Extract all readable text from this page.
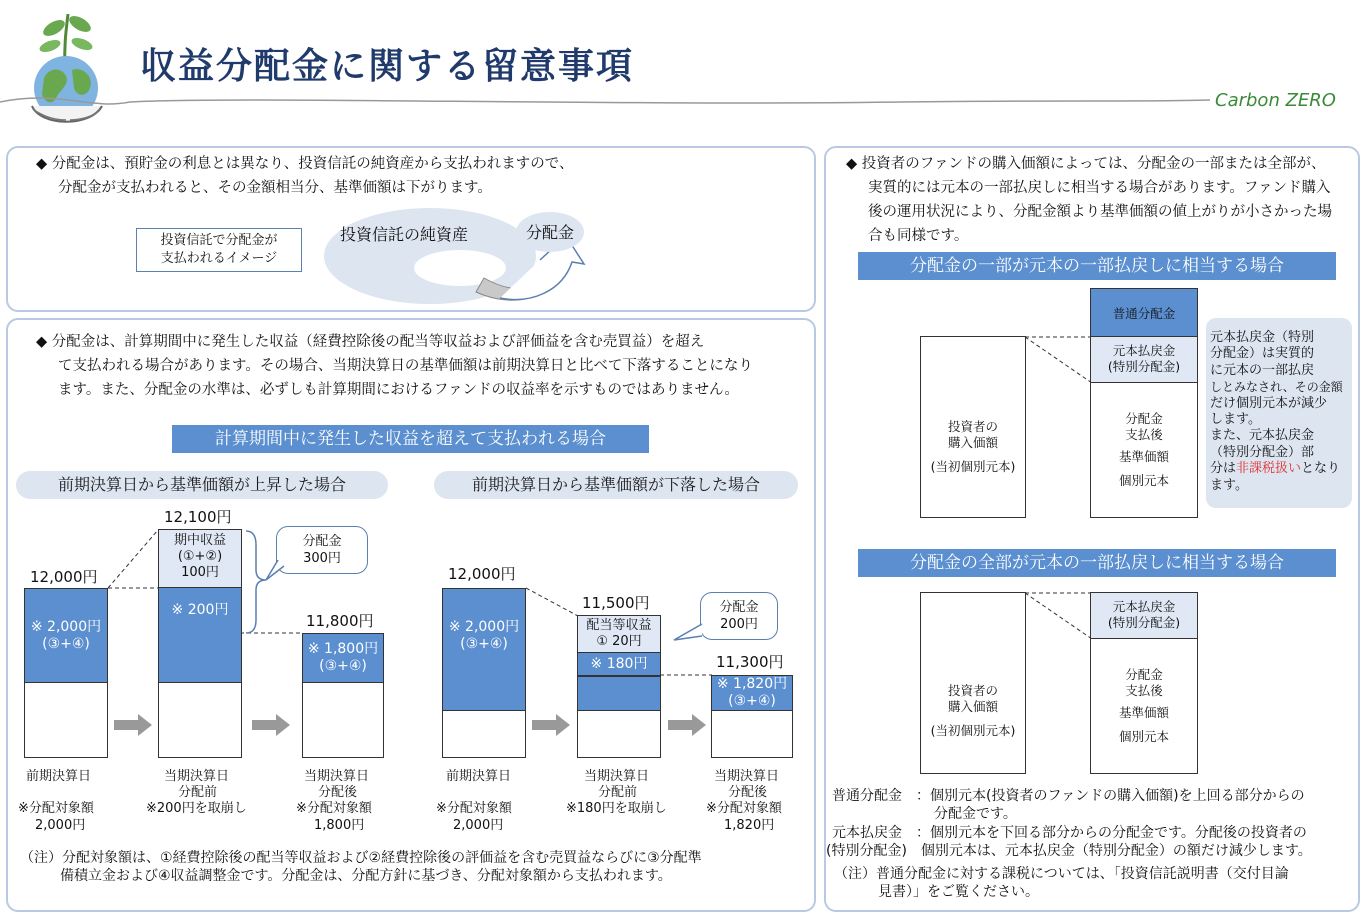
収益分配金に関する留意事項
Carbon ZERO
◆ 分配金は、預貯金の利息とは異なり、投資信託の純資産から支払われますので、
分配金が支払われると、その金額相当分、基準価額は下がります。
投資信託で分配金が
支払われるイメージ
投資信託の純資産	分配金
◆ 分配金は、計算期間中に発生した収益（経費控除後の配当等収益および評価益を含む売買益）を超え
て支払われる場合があります。その場合、当期決算日の基準価額は前期決算日と比べて下落することになり
ます。また、分配金の水準は、必ずしも計算期間におけるファンドの収益率を示すものではありません。
計算期間中に発生した収益を超えて支払われる場合
前期決算日から基準価額が上昇した場合	前期決算日から基準価額が下落した場合
12,000円
※ 2,000円
(③+④)
12,100円
期中収益
(①+②)
100円
※ 200円
分配金
300円
11,800円
※ 1,800円
(③+④)
前期決算日
※分配対象額
2,000円
当期決算日
分配前
※200円を取崩し
当期決算日
分配後
※分配対象額
1,800円
12,000円
※ 2,000円
(③+④)
11,500円
配当等収益
① 20円
※ 180円
分配金
200円
11,300円
※ 1,820円
(③+④)
前期決算日
※分配対象額
2,000円
当期決算日
分配前
※180円を取崩し
当期決算日
分配後
※分配対象額
1,820円
（注）分配対象額は、①経費控除後の配当等収益および②経費控除後の評価益を含む売買益ならびに③分配準
備積立金および④収益調整金です。分配金は、分配方針に基づき、分配対象額から支払われます。
◆ 投資者のファンドの購入価額によっては、分配金の一部または全部が、
実質的には元本の一部払戻しに相当する場合があります。ファンド購入
後の運用状況により、分配金額より基準価額の値上がりが小さかった場
合も同様です。
分配金の一部が元本の一部払戻しに相当する場合
投資者の
購入価額
(当初個別元本)
普通分配金
元本払戻金
(特別分配金)
分配金
支払後
基準価額
個別元本
元本払戻金（特別
分配金）は実質的
に元本の一部払戻
しとみなされ、その金額
だけ個別元本が減少
します。
また、元本払戻金
（特別分配金）部
分は非課税扱いとなり
ます。
分配金の全部が元本の一部払戻しに相当する場合
投資者の
購入価額
(当初個別元本)
元本払戻金
(特別分配金)
分配金
支払後
基準価額
個別元本
普通分配金　：個別元本(投資者のファンドの購入価額)を上回る部分からの
分配金です。
元本払戻金　：個別元本を下回る部分からの分配金です。分配後の投資者の
(特別分配金)　個別元本は、元本払戻金（特別分配金）の額だけ減少します。
（注）普通分配金に対する課税については、「投資信託説明書（交付目論
見書）」をご覧ください。
